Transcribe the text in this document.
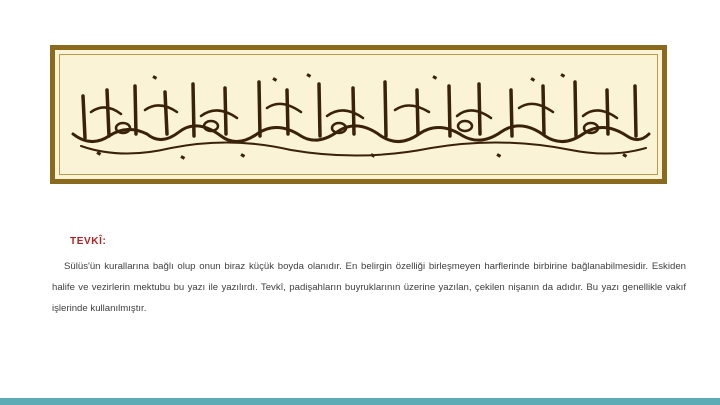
TEVKÎ:

Sülüs'ün kurallarına bağlı olup onun biraz küçük boyda olanıdır. En belirgin özelliği birleşmeyen harflerinde birbirine bağlanabilmesidir. Eskiden halife ve vezirlerin mektubu bu yazı ile yazılırdı. Tevkî, padişahların buyruklarının üzerine yazılan, çekilen nişanın da adıdır. Bu yazı genellikle vakıf işlerinde kullanılmıştır.
